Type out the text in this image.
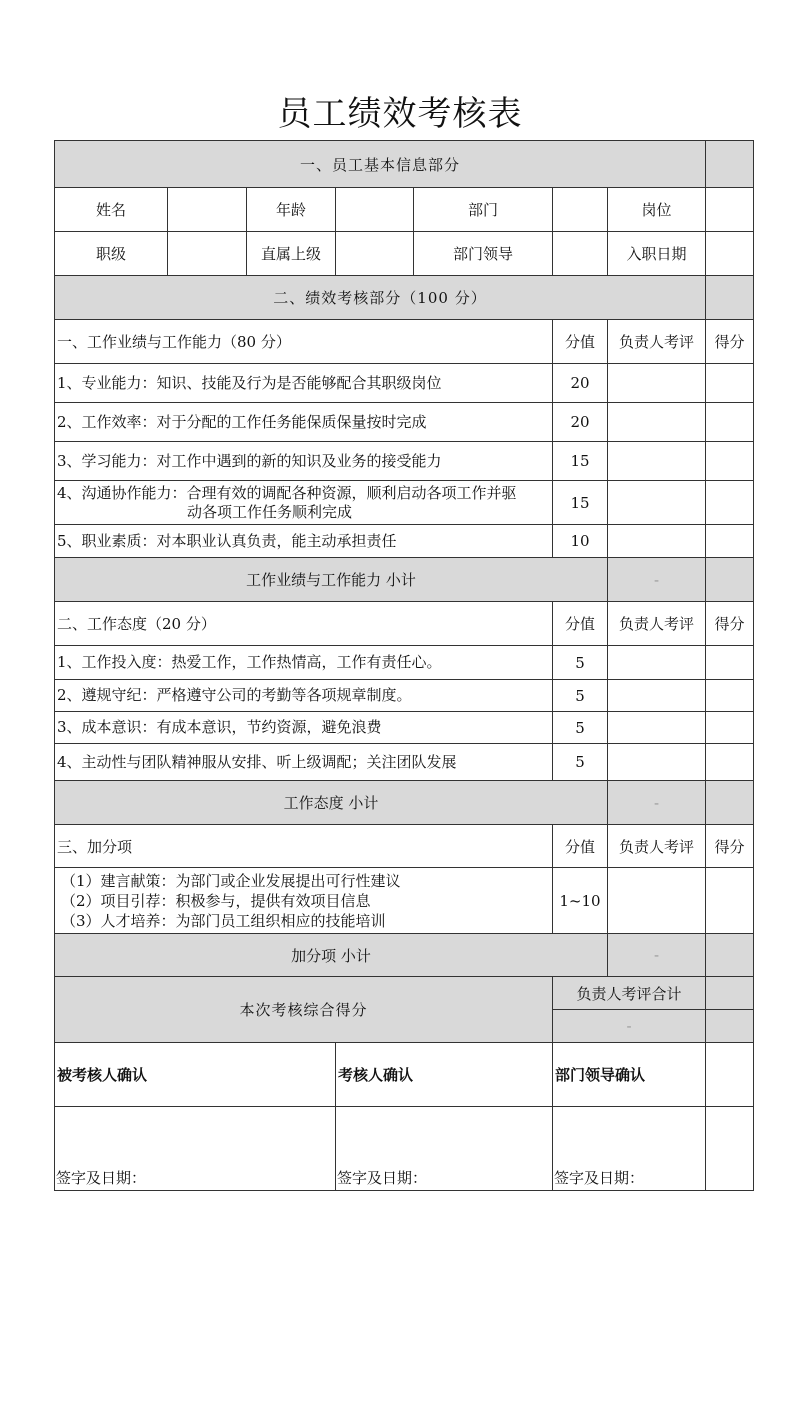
员工绩效考核表
一、员工基本信息部分							
姓名		年龄		部门		岗位	
职级		直属上级		部门领导		入职日期	
二、绩效考核部分（100 分）							
一、工作业绩与工作能力（80 分）					分值	负责人考评	得分
1、专业能力：知识、技能及行为是否能够配合其职级岗位					20		
2、工作效率：对于分配的工作任务能保质保量按时完成					20		
3、学习能力：对工作中遇到的新的知识及业务的接受能力					15		
4、沟通协作能力：合理有效的调配各种资源，顺利启动各项工作并驱
动各项工作任务顺利完成					15		
5、职业素质：对本职业认真负责，能主动承担责任					10		
工作业绩与工作能力 小计						-	
二、工作态度（20 分）					分值	负责人考评	得分
1、工作投入度：热爱工作，工作热情高，工作有责任心。					5		
2、遵规守纪：严格遵守公司的考勤等各项规章制度。					5		
3、成本意识：有成本意识，节约资源，避免浪费					5		
4、主动性与团队精神服从安排、听上级调配；关注团队发展					5		
工作态度 小计						-	
三、加分项					分值	负责人考评	得分

（1）建言献策：为部门或企业发展提出可行性建议
（2）项目引荐：积极参与，提供有效项目信息
（3）人才培养：为部门员工组织相应的技能培训					1~10		
加分项 小计						-	
本次考核综合得分					负责人考评合计		
					-		
被考核人确认			考核人确认		部门领导确认		
签字及日期：			签字及日期：		签字及日期：		
